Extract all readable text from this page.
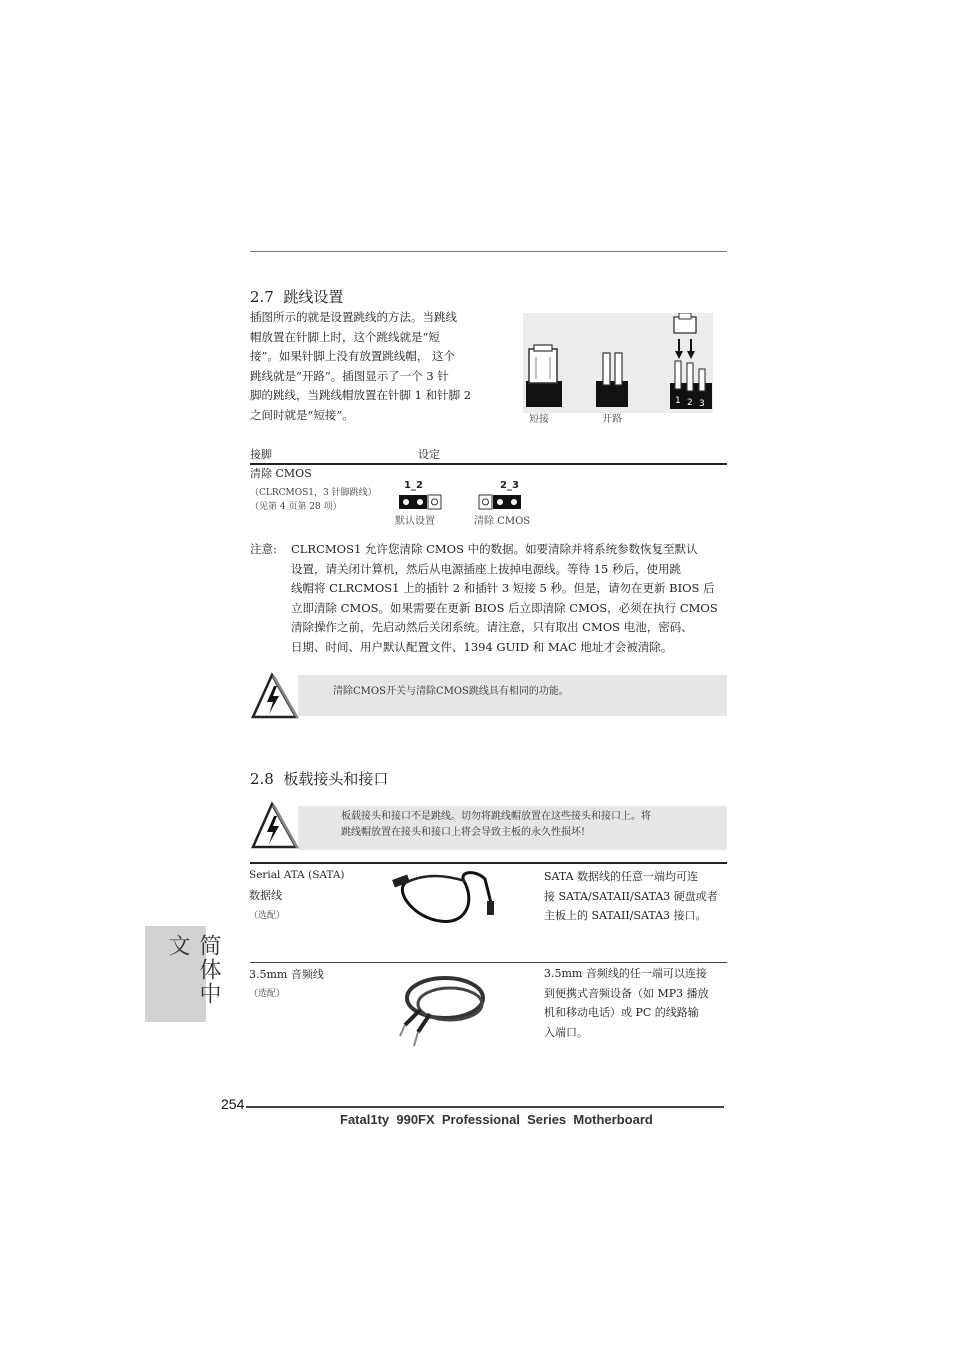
2.7 跳线设置
插图所示的就是设置跳线的方法。当跳线
帽放置在针脚上时，这个跳线就是“短
接”。如果针脚上没有放置跳线帽， 这个
跳线就是“开路”。插图显示了一个 3 针
脚的跳线，当跳线帽放置在针脚 1 和针脚 2
之间时就是“短接”。
1 2 3
短接	开路
接脚	设定
清除 CMOS
（CLRCMOS1，3 针脚跳线）
（见第 4 页第 28 项）
1_2
默认设置
2_3
清除 CMOS
注意: CLRCMOS1 允许您清除 CMOS 中的数据。如要清除并将系统参数恢复至默认
设置，请关闭计算机，然后从电源插座上拔掉电源线。等待 15 秒后，使用跳
线帽将 CLRCMOS1 上的插针 2 和插针 3 短接 5 秒。但是，请勿在更新 BIOS 后
立即清除 CMOS。如果需要在更新 BIOS 后立即清除 CMOS，必须在执行 CMOS
清除操作之前，先启动然后关闭系统。请注意，只有取出 CMOS 电池，密码、
日期、时间、用户默认配置文件、1394 GUID 和 MAC 地址才会被清除。
清除CMOS开关与清除CMOS跳线具有相同的功能。
2.8 板载接头和接口
板载接头和接口不是跳线。切勿将跳线帽放置在这些接头和接口上。将
跳线帽放置在接头和接口上将会导致主板的永久性损坏!
Serial ATA (SATA)
数据线
（选配）
SATA 数据线的任意一端均可连
接 SATA/SATAII/SATA3 硬盘或者
主板上的 SATAII/SATA3 接口。
3.5mm 音频线
（选配）
3.5mm 音频线的任一端可以连接
到便携式音频设备（如 MP3 播放
机和移动电话）或 PC 的线路输
入端口。
简体中文
254
Fatal1ty  990FX  Professional  Series  Motherboard
